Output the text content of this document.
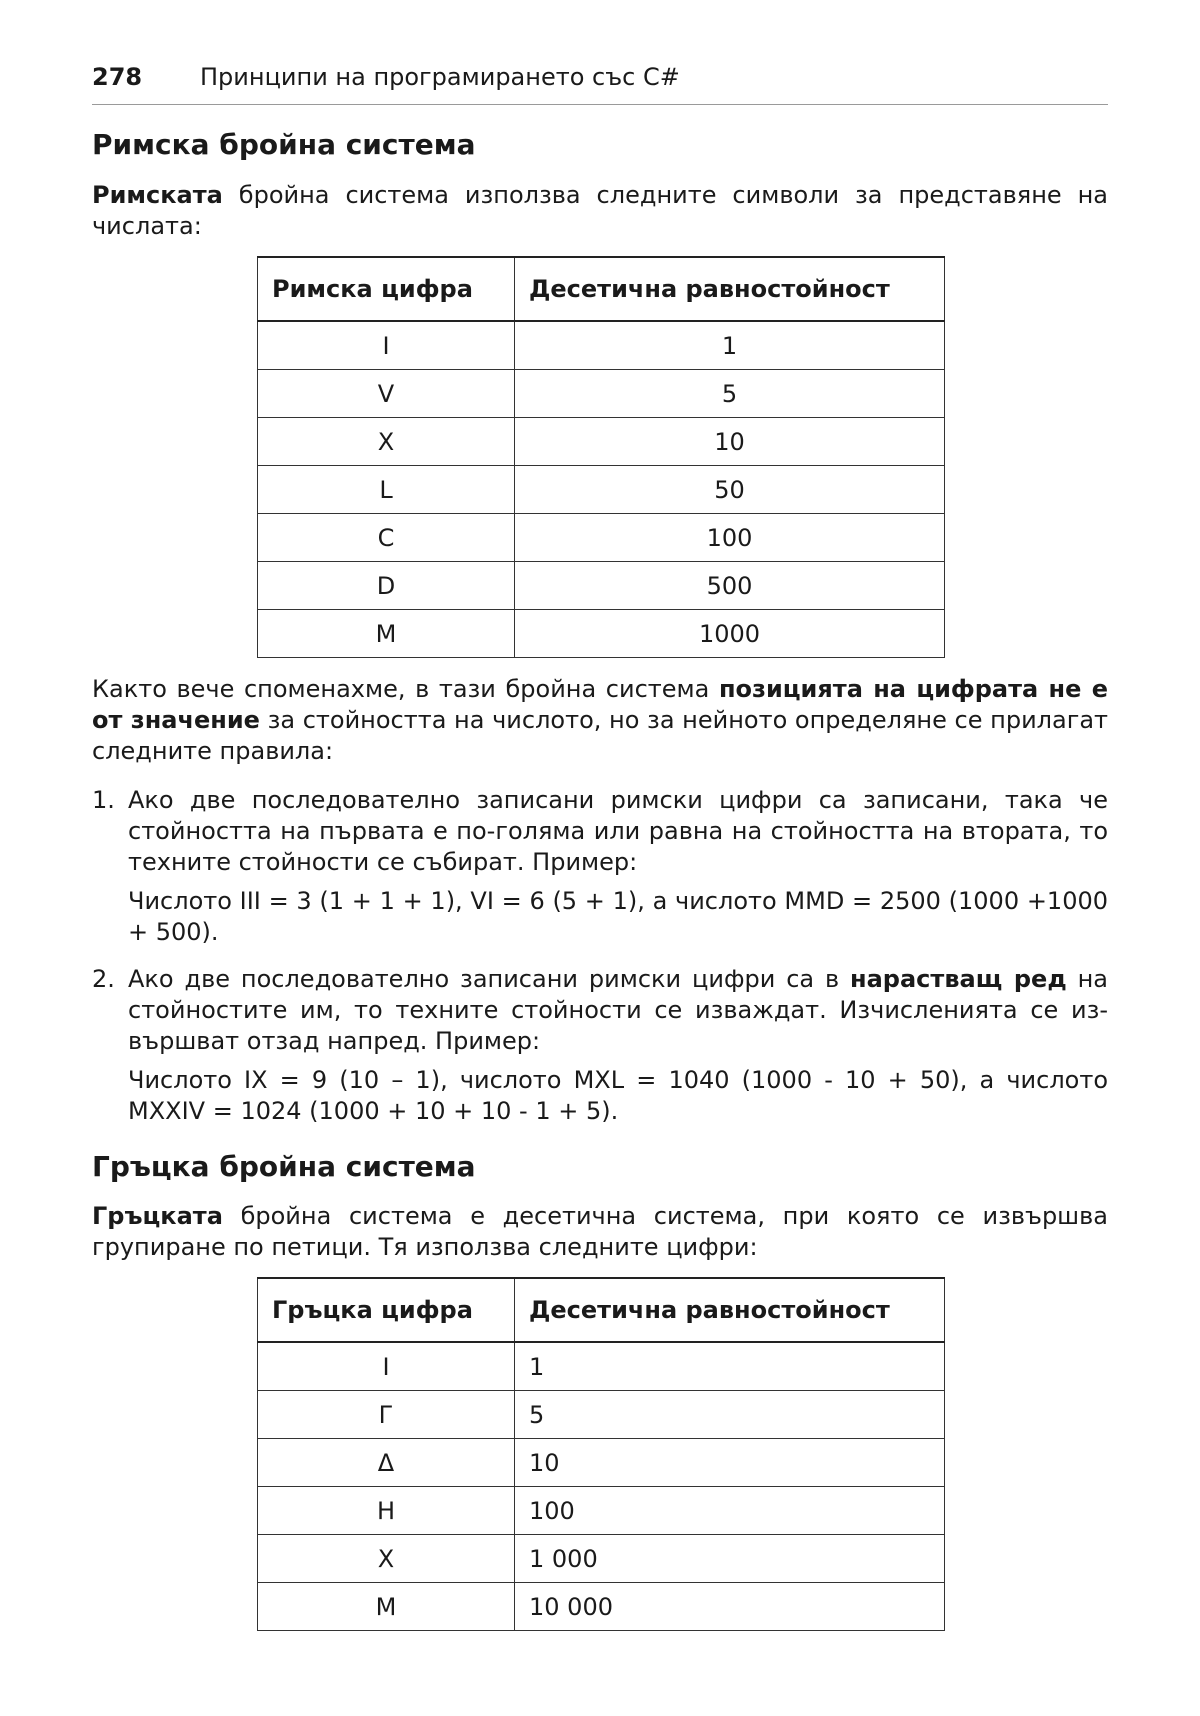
278 Принципи на програмирането със C#
Римска бройна система

Римската бройна система използва следните символи за представяне на числата:

Римска цифра	Десетична равностойност
I	1
V	5
X	10
L	50
C	100
D	500
M	1000

Както вече споменахме, в тази бройна система позицията на цифрата не е от значение за стойността на числото, но за нейното определяне се прилагат следните правила:

1. Ако две последователно записани римски цифри са записани, така че стойността на първата е по-голяма или равна на стойността на втората, то техните стойности се събират. Пример:

Числото III = 3 (1 + 1 + 1), VI = 6 (5 + 1), а числото MMD = 2500 (1000 +1000 + 500).

2. Ако две последователно записани римски цифри са в нарастващ ред на стойностите им, то техните стойности се изваждат. Изчисленията се из-вършват отзад напред. Пример:

Числото IX = 9 (10 – 1), числото MXL = 1040 (1000 - 10 + 50), а числото MXXIV = 1024 (1000 + 10 + 10 - 1 + 5).

Гръцка бройна система

Гръцката бройна система е десетична система, при която се извършва групиране по петици. Тя използва следните цифри:

Гръцка цифра	Десетична равностойност
I	1
Г	5
Δ	10
Η	100
Χ	1 000
Μ	10 000
